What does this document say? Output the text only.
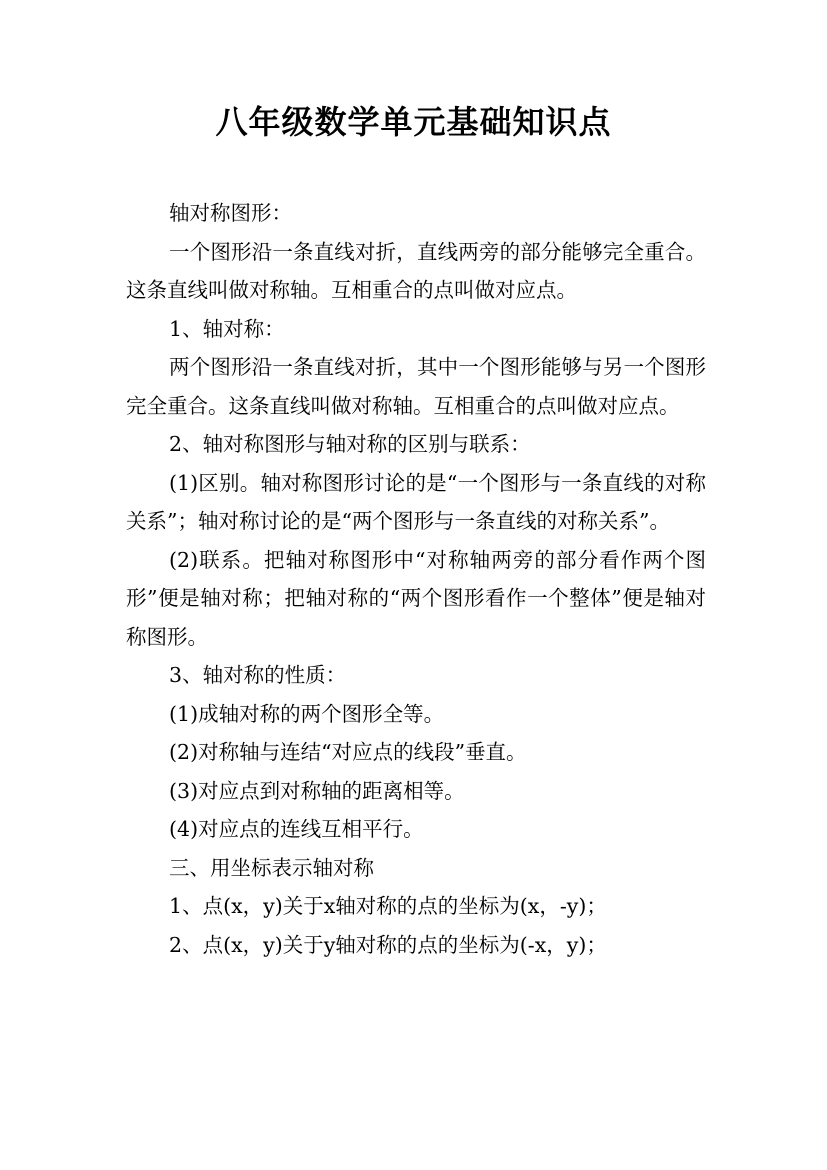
八年级数学单元基础知识点

轴对称图形：

一个图形沿一条直线对折，直线两旁的部分能够完全重合。这条直线叫做对称轴。互相重合的点叫做对应点。

1、轴对称：

两个图形沿一条直线对折，其中一个图形能够与另一个图形完全重合。这条直线叫做对称轴。互相重合的点叫做对应点。

2、轴对称图形与轴对称的区别与联系：

(1)区别。轴对称图形讨论的是“一个图形与一条直线的对称关系”；轴对称讨论的是“两个图形与一条直线的对称关系”。

(2)联系。把轴对称图形中“对称轴两旁的部分看作两个图形”便是轴对称；把轴对称的“两个图形看作一个整体”便是轴对称图形。

3、轴对称的性质：

(1)成轴对称的两个图形全等。

(2)对称轴与连结“对应点的线段”垂直。

(3)对应点到对称轴的距离相等。

(4)对应点的连线互相平行。

三、用坐标表示轴对称

1、点(x，y)关于x轴对称的点的坐标为(x，-y)；

2、点(x，y)关于y轴对称的点的坐标为(-x，y)；
